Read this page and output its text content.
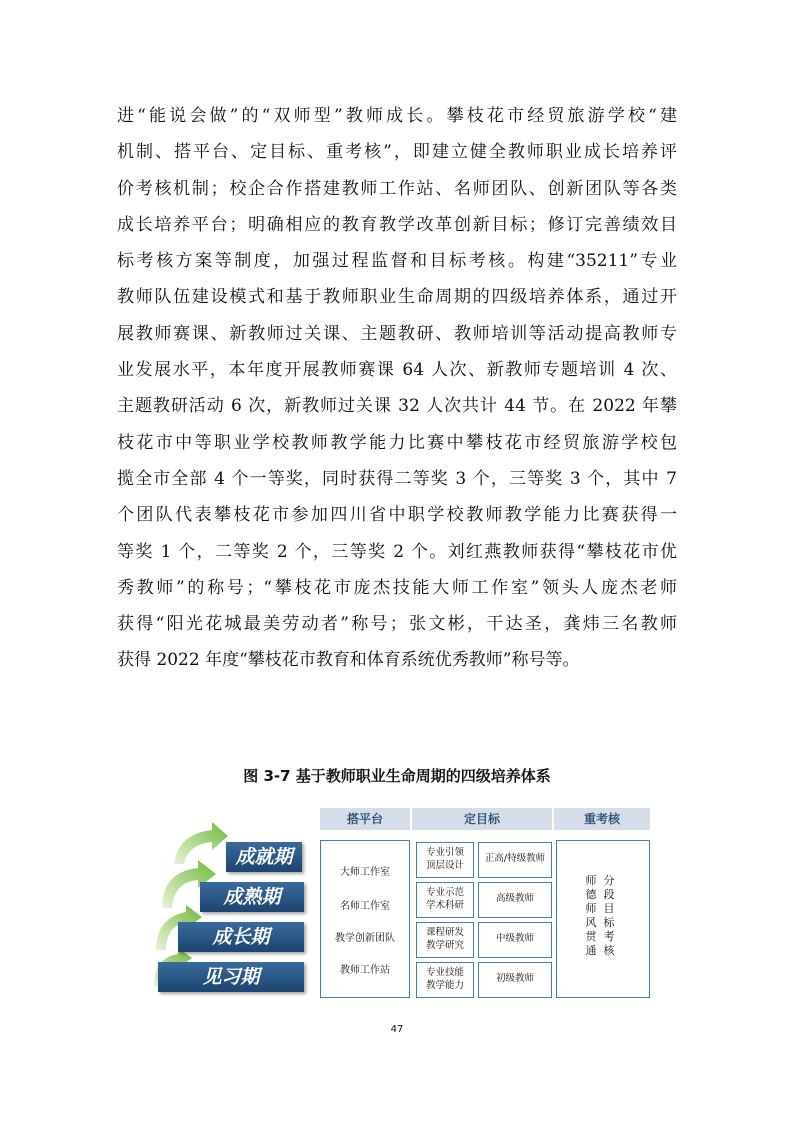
进“能说会做”的“双师型”教师成长。攀枝花市经贸旅游学校“建
机制、搭平台、定目标、重考核”，即建立健全教师职业成长培养评
价考核机制；校企合作搭建教师工作站、名师团队、创新团队等各类
成长培养平台；明确相应的教育教学改革创新目标；修订完善绩效目
标考核方案等制度，加强过程监督和目标考核。构建“35211”专业
教师队伍建设模式和基于教师职业生命周期的四级培养体系，通过开
展教师赛课、新教师过关课、主题教研、教师培训等活动提高教师专
业发展水平，本年度开展教师赛课 64 人次、新教师专题培训 4 次、
主题教研活动 6 次，新教师过关课 32 人次共计 44 节。在 2022 年攀
枝花市中等职业学校教师教学能力比赛中攀枝花市经贸旅游学校包
揽全市全部 4 个一等奖，同时获得二等奖 3 个，三等奖 3 个，其中 7
个团队代表攀枝花市参加四川省中职学校教师教学能力比赛获得一
等奖 1 个，二等奖 2 个，三等奖 2 个。刘红燕教师获得“攀枝花市优
秀教师”的称号；“攀枝花市庞杰技能大师工作室”领头人庞杰老师
获得“阳光花城最美劳动者”称号；张文彬，干达圣，龚炜三名教师
获得 2022 年度“攀枝花市教育和体育系统优秀教师”称号等。
图 3-7 基于教师职业生命周期的四级培养体系
成就期
成熟期
成长期
见习期
搭平台	定目标	重考核
大师工作室
名师工作室
教学创新团队
教师工作站
专业引领
顶层设计
专业示范
学术科研
课程研发
教学研究
专业技能
教学能力
正高/特级教师
高级教师
中级教师
初级教师
师
德
师
风
贯
通
分
段
目
标
考
核
47
